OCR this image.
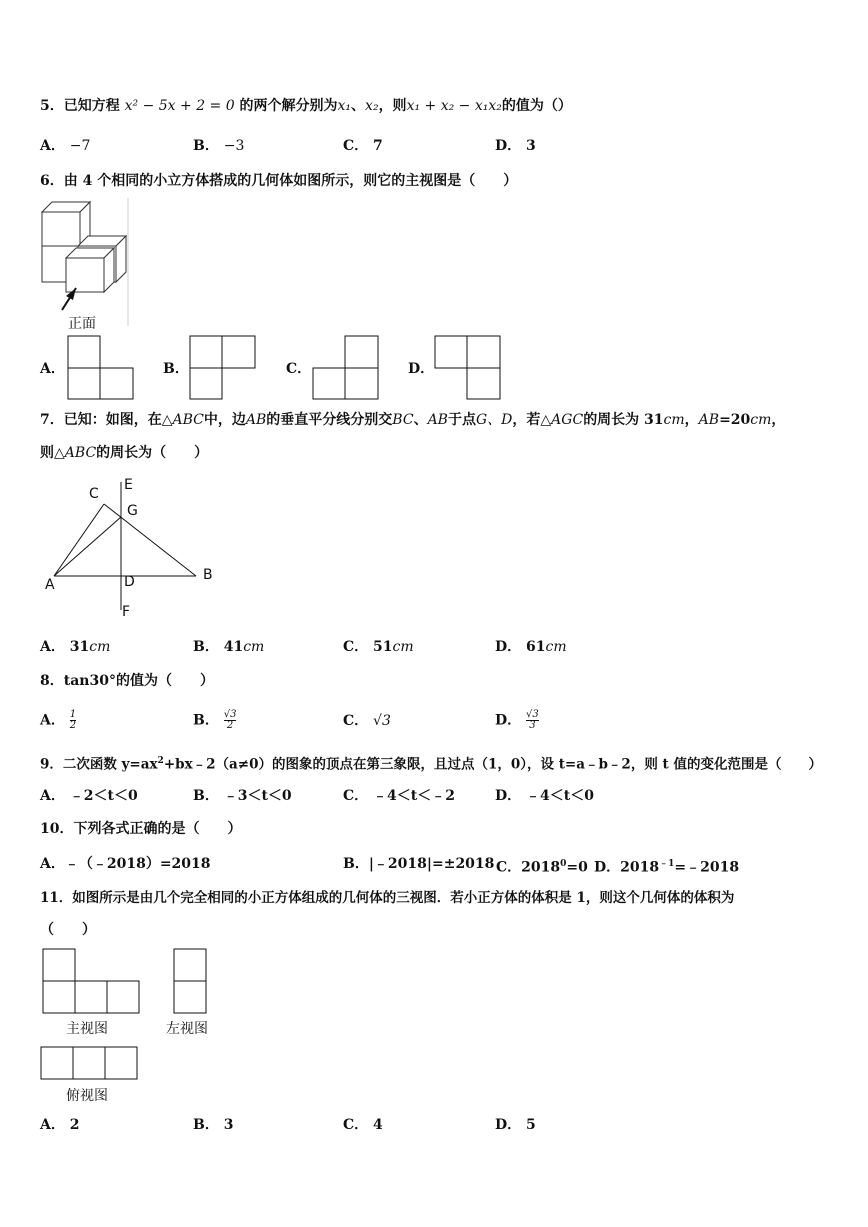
5．已知方程 x² − 5x + 2 = 0 的两个解分别为x₁、x₂，则x₁ + x₂ − x₁x₂的值为（）
A． −7	B． −3	C． 7	D． 3
6．由 4 个相同的小立方体搭成的几何体如图所示，则它的主视图是（　　）
正面
A．	B．	C．	D．
7．已知：如图，在△ABC中，边AB的垂直平分线分别交BC、AB于点G、D，若△AGC的周长为 31cm，AB=20cm，
则△ABC的周长为（　　）
C
E
G
A	D	B
F
A． 31cm	B． 41cm	C． 51cm	D． 61cm
8．tan30°的值为（　　）
A． $\frac{1}{2}$	B． $\frac{√3}{2}$	C． √3	D． $\frac{√3}{3}$
9．二次函数 $y=ax^2+bx﹣2(a\ne 0)$的图象的顶点在第三象限，且过点（1，0），设 t=a﹣b﹣2，则 t 值的变化范围是（　　）
A． ﹣2＜t＜0	B． ﹣3＜t＜0	C． ﹣4＜t＜﹣2	D． ﹣4＜t＜0
10．下列各式正确的是（　　）
A．﹣（﹣2018）=2018	B．|﹣2018|=±2018 C．$2018^0=0$ D．$2018^{﹣1}=﹣2018$
11．如图所示是由几个完全相同的小正方体组成的几何体的三视图．若小正方体的体积是 1，则这个几何体的体积为
（　　）
主视图	左视图
俯视图
A． 2	B． 3	C． 4	D． 5
